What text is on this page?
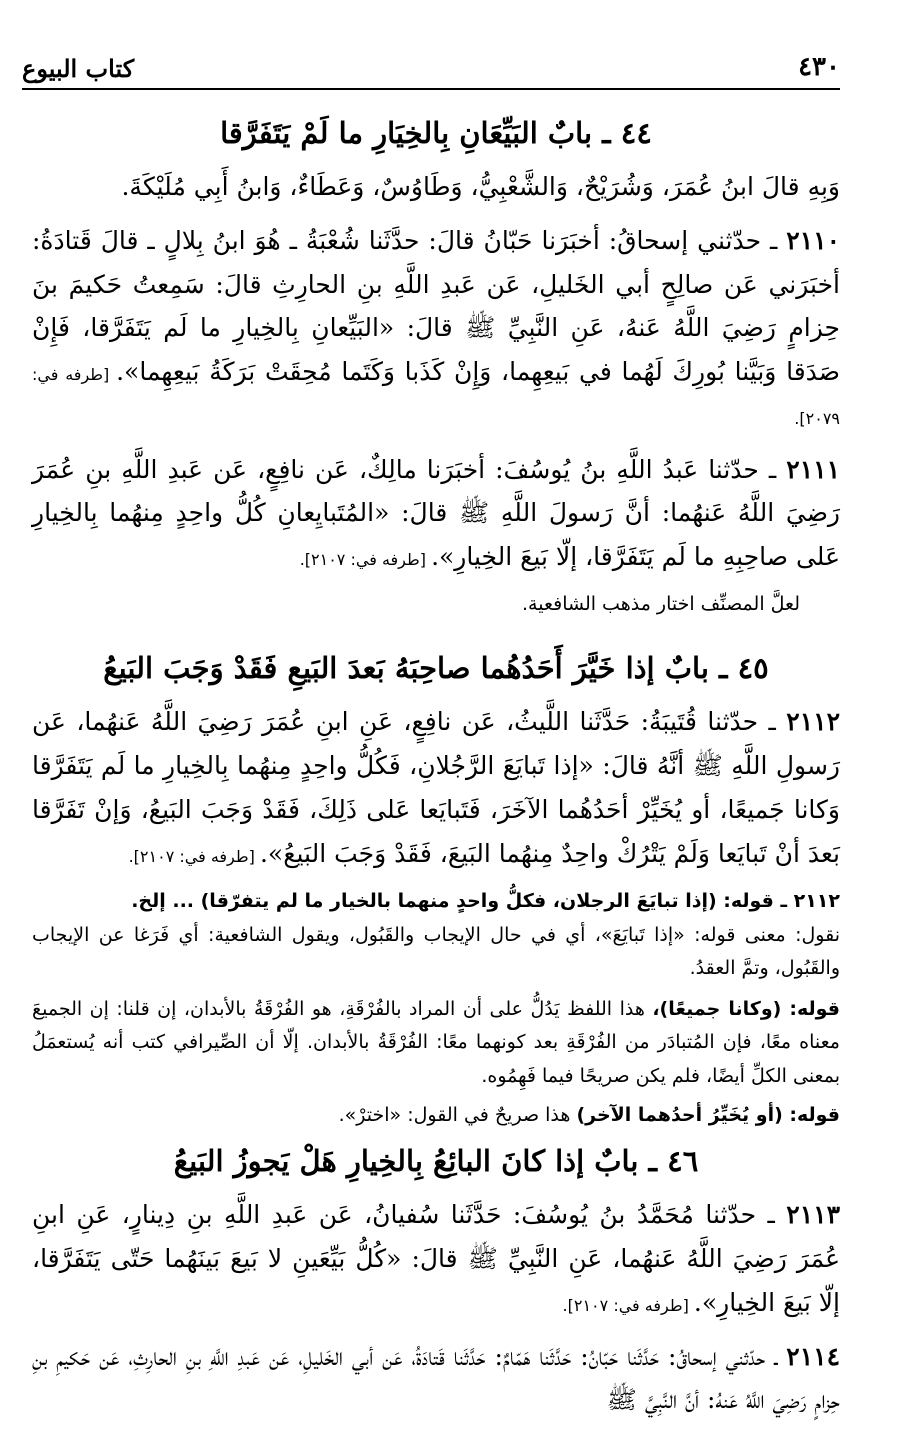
٤٣٠
كتاب البيوع
٤٤ ـ بابٌ البَيِّعَانِ بِالخِيَارِ ما لَمْ يَتَفَرَّقا
وَبِهِ قالَ ابنُ عُمَرَ، وَشُرَيْحٌ، وَالشَّعْبِيُّ، وَطَاوُسٌ، وَعَطَاءٌ، وَابنُ أَبِي مُلَيْكَةَ.
٢١١٠ ـ حدّثني إسحاقُ: أخبَرَنا حَبّانُ قالَ: حدَّثَنا شُعْبَةُ ـ هُوَ ابنُ بِلالٍ ـ قالَ قَتادَةُ: أخبَرَني عَن صالِحٍ أبي الخَليلِ، عَن عَبدِ اللَّهِ بنِ الحارِثِ قالَ: سَمِعتُ حَكيمَ بنَ حِزامٍ رَضِيَ اللَّهُ عَنهُ، عَنِ النَّبِيِّ ﷺ قالَ: «البَيِّعانِ بِالخِيارِ ما لَم يَتَفَرَّقا، فَإِنْ صَدَقا وَبَيَّنا بُورِكَ لَهُما في بَيعِهِما، وَإِنْ كَذَبا وَكَتَما مُحِقَتْ بَرَكَةُ بَيعِهِما». [طرفه في: ٢٠٧٩].
٢١١١ ـ حدّثنا عَبدُ اللَّهِ بنُ يُوسُفَ: أخبَرَنا مالِكٌ، عَن نافِعٍ، عَن عَبدِ اللَّهِ بنِ عُمَرَ رَضِيَ اللَّهُ عَنهُما: أنَّ رَسولَ اللَّهِ ﷺ قالَ: «المُتَبايِعانِ كُلُّ واحِدٍ مِنهُما بِالخِيارِ عَلى صاحِبِهِ ما لَم يَتَفَرَّقا، إلّا بَيعَ الخِيارِ». [طرفه في: ٢١٠٧].
لعلَّ المصنِّف اختار مذهب الشافعية.
٤٥ ـ بابٌ إذا خَيَّرَ أَحَدُهُما صاحِبَهُ بَعدَ البَيعِ فَقَدْ وَجَبَ البَيعُ
٢١١٢ ـ حدّثنا قُتَيبَةُ: حَدَّثَنا اللَّيثُ، عَن نافِعٍ، عَنِ ابنِ عُمَرَ رَضِيَ اللَّهُ عَنهُما، عَن رَسولِ اللَّهِ ﷺ أنَّهُ قالَ: «إذا تَبايَعَ الرَّجُلانِ، فَكُلُّ واحِدٍ مِنهُما بِالخِيارِ ما لَم يَتَفَرَّقا وَكانا جَميعًا، أو يُخَيِّرْ أحَدُهُما الآخَرَ، فَتَبايَعا عَلى ذَلِكَ، فَقَدْ وَجَبَ البَيعُ، وَإنْ تَفَرَّقا بَعدَ أنْ تَبايَعا وَلَمْ يَتْرُكْ واحِدٌ مِنهُما البَيعَ، فَقَدْ وَجَبَ البَيعُ». [طرفه في: ٢١٠٧].
٢١١٢ ـ قوله: (إذا تبايَعَ الرجلان، فكلُّ واحدٍ منهما بالخيار ما لم يتفرّقا) ... إلخ.
نقول: معنى قوله: «إذا تَبايَعَ»، أي في حال الإيجاب والقَبُول، ويقول الشافعية: أي فَرَغا عن الإيجاب والقَبُول، وتمَّ العقدُ.
قوله: (وكانا جميعًا)، هذا اللفظ يَدُلُّ على أن المراد بالفُرْقَةِ، هو الفُرْقَةُ بالأبدان، إن قلنا: إن الجميعَ معناه معًا، فإن المُتبادَر من الفُرْقَةِ بعد كونهما معًا: الفُرْقَةُ بالأبدان. إلّا أن الصِّيرافي كتب أنه يُستعمَلُ بمعنى الكلِّ أيضًا، فلم يكن صريحًا فيما فَهِمُوه.
قوله: (أو يُخَيِّرُ أحدُهما الآخر) هذا صريحٌ في القول: «اخترْ».
٤٦ ـ بابٌ إذا كانَ البائِعُ بِالخِيارِ هَلْ يَجوزُ البَيعُ
٢١١٣ ـ حدّثنا مُحَمَّدُ بنُ يُوسُفَ: حَدَّثَنا سُفيانُ، عَن عَبدِ اللَّهِ بنِ دِينارٍ، عَنِ ابنِ عُمَرَ رَضِيَ اللَّهُ عَنهُما، عَنِ النَّبِيِّ ﷺ قالَ: «كُلُّ بَيِّعَينِ لا بَيعَ بَينَهُما حَتّى يَتَفَرَّقا، إلّا بَيعَ الخِيارِ». [طرفه في: ٢١٠٧].
٢١١٤ ـ حدّثني إسحاقُ: حَدَّثَنا حَبّانُ: حَدَّثَنا هَمّامٌ: حَدَّثَنا قَتادَةُ، عَن أبي الخَليلِ، عَن عَبدِ اللَّهِ بنِ الحارِثِ، عَن حَكيمِ بنِ حِزامٍ رَضِيَ اللَّهُ عَنهُ: أنَّ النَّبِيَّ ﷺ
